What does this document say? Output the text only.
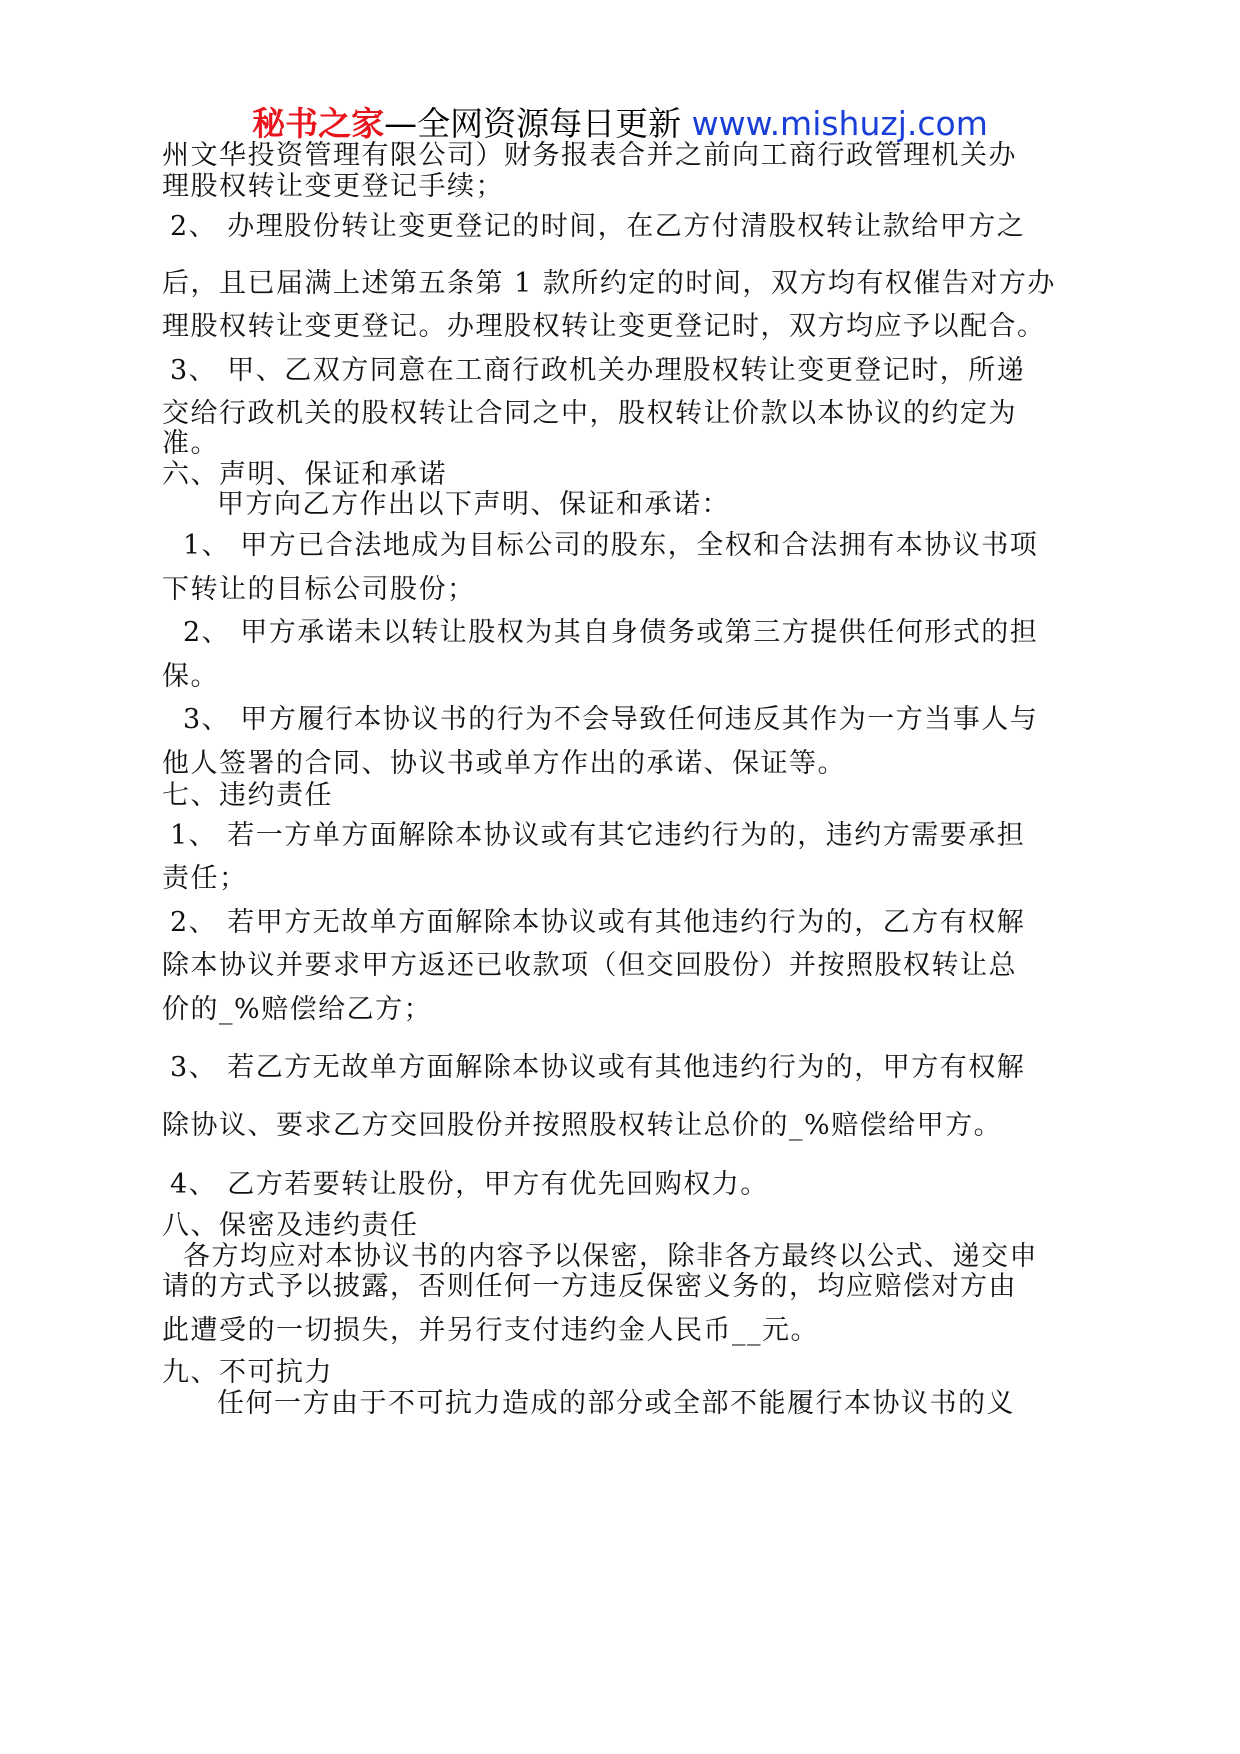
秘书之家—全网资源每日更新 www.mishuzj.com
州文华投资管理有限公司）财务报表合并之前向工商行政管理机关办
理股权转让变更登记手续；
2、 办理股份转让变更登记的时间，在乙方付清股权转让款给甲方之
后，且已届满上述第五条第 1 款所约定的时间，双方均有权催告对方办
理股权转让变更登记。办理股权转让变更登记时，双方均应予以配合。
3、 甲、乙双方同意在工商行政机关办理股权转让变更登记时，所递
交给行政机关的股权转让合同之中，股权转让价款以本协议的约定为
准。
六、声明、保证和承诺
甲方向乙方作出以下声明、保证和承诺：
1、 甲方已合法地成为目标公司的股东，全权和合法拥有本协议书项
下转让的目标公司股份；
2、 甲方承诺未以转让股权为其自身债务或第三方提供任何形式的担
保。
3、 甲方履行本协议书的行为不会导致任何违反其作为一方当事人与
他人签署的合同、协议书或单方作出的承诺、保证等。
七、违约责任
1、 若一方单方面解除本协议或有其它违约行为的，违约方需要承担
责任；
2、 若甲方无故单方面解除本协议或有其他违约行为的，乙方有权解
除本协议并要求甲方返还已收款项（但交回股份）并按照股权转让总
价的_%赔偿给乙方；
3、 若乙方无故单方面解除本协议或有其他违约行为的，甲方有权解
除协议、要求乙方交回股份并按照股权转让总价的_%赔偿给甲方。
4、 乙方若要转让股份，甲方有优先回购权力。
八、保密及违约责任
各方均应对本协议书的内容予以保密，除非各方最终以公式、递交申
请的方式予以披露，否则任何一方违反保密义务的，均应赔偿对方由
此遭受的一切损失，并另行支付违约金人民币__元。
九、不可抗力
任何一方由于不可抗力造成的部分或全部不能履行本协议书的义
